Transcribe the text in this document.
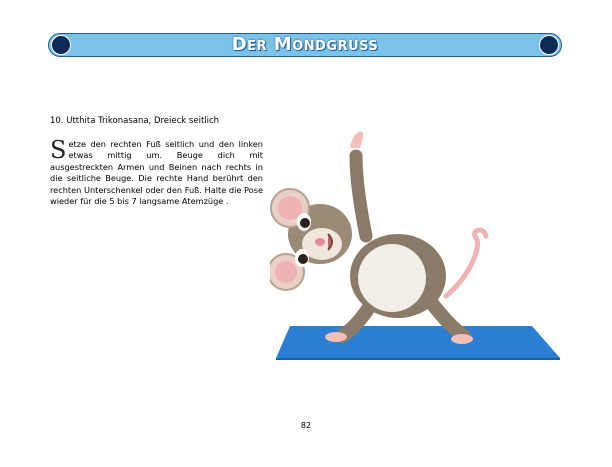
Der Mondgruss
10. Utthita Trikonasana, Dreieck seitlich
Setze den rechten Fuß seitlich und den linken etwas mittig um. Beuge dich mit ausgestreckten Armen und Beinen nach rechts in die seitliche Beuge. Die rechte Hand berührt den rechten Unterschenkel oder den Fuß. Halte die Pose wieder für die 5 bis 7 langsame Atemzüge .
82
